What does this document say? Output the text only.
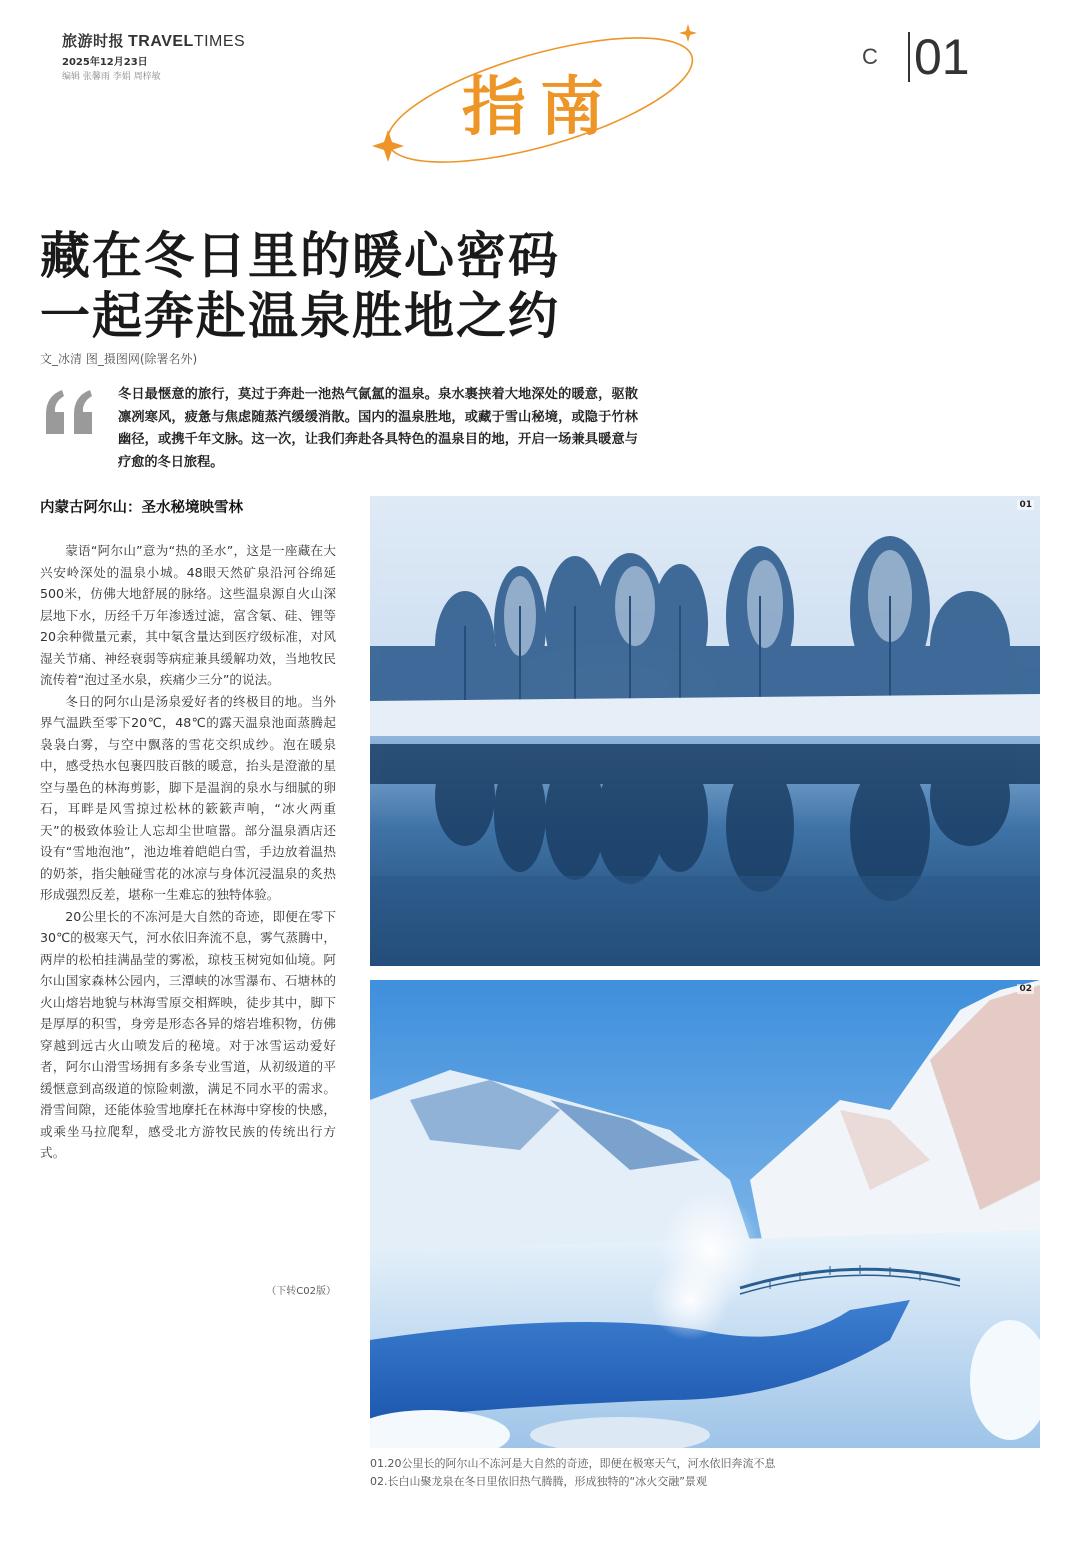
旅游时报 TRAVELTIMES
2025年12月23日
编辑 张馨雨 李娟 周梓敏	指南
C 01
藏在冬日里的暖心密码
一起奔赴温泉胜地之约
文_冰清 图_摄图网(除署名外)
冬日最惬意的旅行，莫过于奔赴一池热气氤氲的温泉。泉水裹挟着大地深处的暖意，驱散凛冽寒风，疲惫与焦虑随蒸汽缓缓消散。国内的温泉胜地，或藏于雪山秘境，或隐于竹林幽径，或携千年文脉。这一次，让我们奔赴各具特色的温泉目的地，开启一场兼具暖意与疗愈的冬日旅程。
内蒙古阿尔山：圣水秘境映雪林

蒙语“阿尔山”意为“热的圣水”，这是一座藏在大兴安岭深处的温泉小城。48眼天然矿泉沿河谷绵延500米，仿佛大地舒展的脉络。这些温泉源自火山深层地下水，历经千万年渗透过滤，富含氡、硅、锂等20余种微量元素，其中氡含量达到医疗级标准，对风湿关节痛、神经衰弱等病症兼具缓解功效，当地牧民流传着“泡过圣水泉，疾痛少三分”的说法。

冬日的阿尔山是汤泉爱好者的终极目的地。当外界气温跌至零下20℃，48℃的露天温泉池面蒸腾起袅袅白雾，与空中飘落的雪花交织成纱。泡在暖泉中，感受热水包裹四肢百骸的暖意，抬头是澄澈的星空与墨色的林海剪影，脚下是温润的泉水与细腻的卵石，耳畔是风雪掠过松林的簌簌声响，“冰火两重天”的极致体验让人忘却尘世喧嚣。部分温泉酒店还设有“雪地泡池”，池边堆着皑皑白雪，手边放着温热的奶茶，指尖触碰雪花的冰凉与身体沉浸温泉的炙热形成强烈反差，堪称一生难忘的独特体验。

20公里长的不冻河是大自然的奇迹，即便在零下30℃的极寒天气，河水依旧奔流不息，雾气蒸腾中，两岸的松柏挂满晶莹的雾凇，琼枝玉树宛如仙境。阿尔山国家森林公园内，三潭峡的冰雪瀑布、石塘林的火山熔岩地貌与林海雪原交相辉映，徒步其中，脚下是厚厚的积雪，身旁是形态各异的熔岩堆积物，仿佛穿越到远古火山喷发后的秘境。对于冰雪运动爱好者，阿尔山滑雪场拥有多条专业雪道，从初级道的平缓惬意到高级道的惊险刺激，满足不同水平的需求。滑雪间隙，还能体验雪地摩托在林海中穿梭的快感，或乘坐马拉爬犁，感受北方游牧民族的传统出行方式。

（下转C02版）
01
02
01.20公里长的阿尔山不冻河是大自然的奇迹，即便在极寒天气，河水依旧奔流不息
02.长白山聚龙泉在冬日里依旧热气腾腾，形成独特的“冰火交融”景观
